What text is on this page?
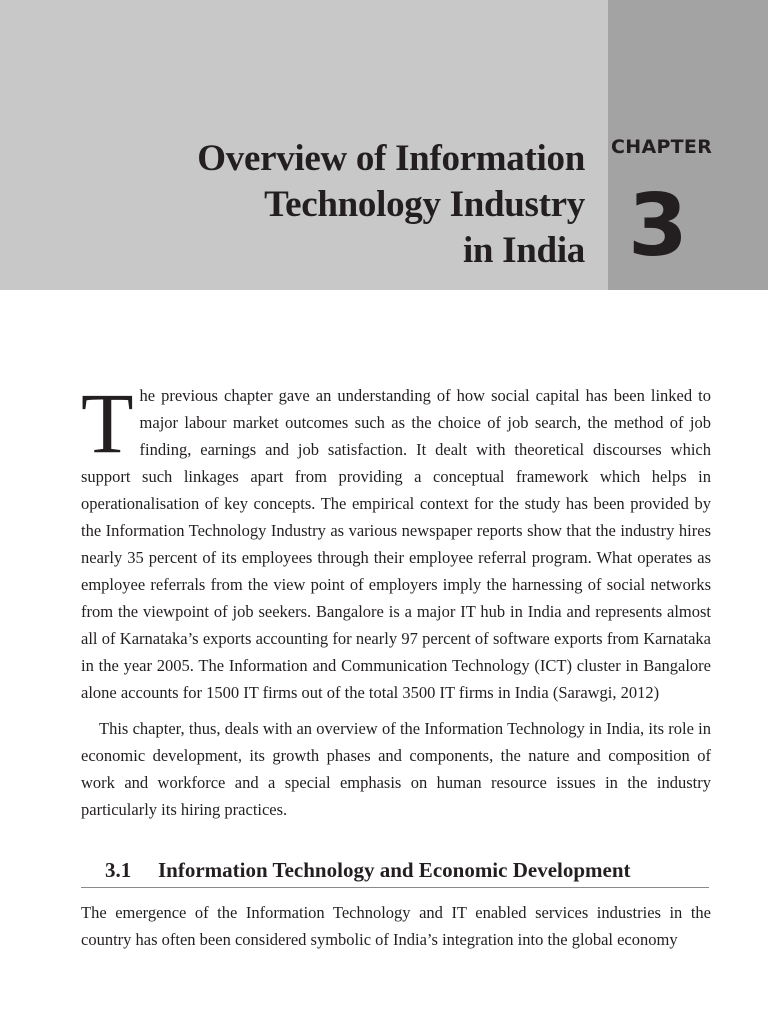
Overview of Information
Technology Industry
in India
CHAPTER
3
The previous chapter gave an understanding of how social capital has been linked to major labour market outcomes such as the choice of job search, the method of job finding, earnings and job satisfaction. It dealt with theoretical discourses which support such linkages apart from providing a conceptual framework which helps in operationalisation of key concepts. The empirical context for the study has been provided by the Information Technology Industry as various newspaper reports show that the industry hires nearly 35 percent of its employees through their employee referral program. What operates as employee referrals from the view point of employers imply the harnessing of social networks from the viewpoint of job seekers. Bangalore is a major IT hub in India and represents almost all of Karnataka’s exports accounting for nearly 97 percent of software exports from Karnataka in the year 2005. The Information and Communication Technology (ICT) cluster in Bangalore alone accounts for 1500 IT firms out of the total 3500 IT firms in India (Sarawgi, 2012)
This chapter, thus, deals with an overview of the Information Technology in India, its role in economic development, its growth phases and components, the nature and composition of work and workforce and a special emphasis on human resource issues in the industry particularly its hiring practices.
3.1 Information Technology and Economic Development
The emergence of the Information Technology and IT enabled services industries in the country has often been considered symbolic of India’s integration into the global economy
